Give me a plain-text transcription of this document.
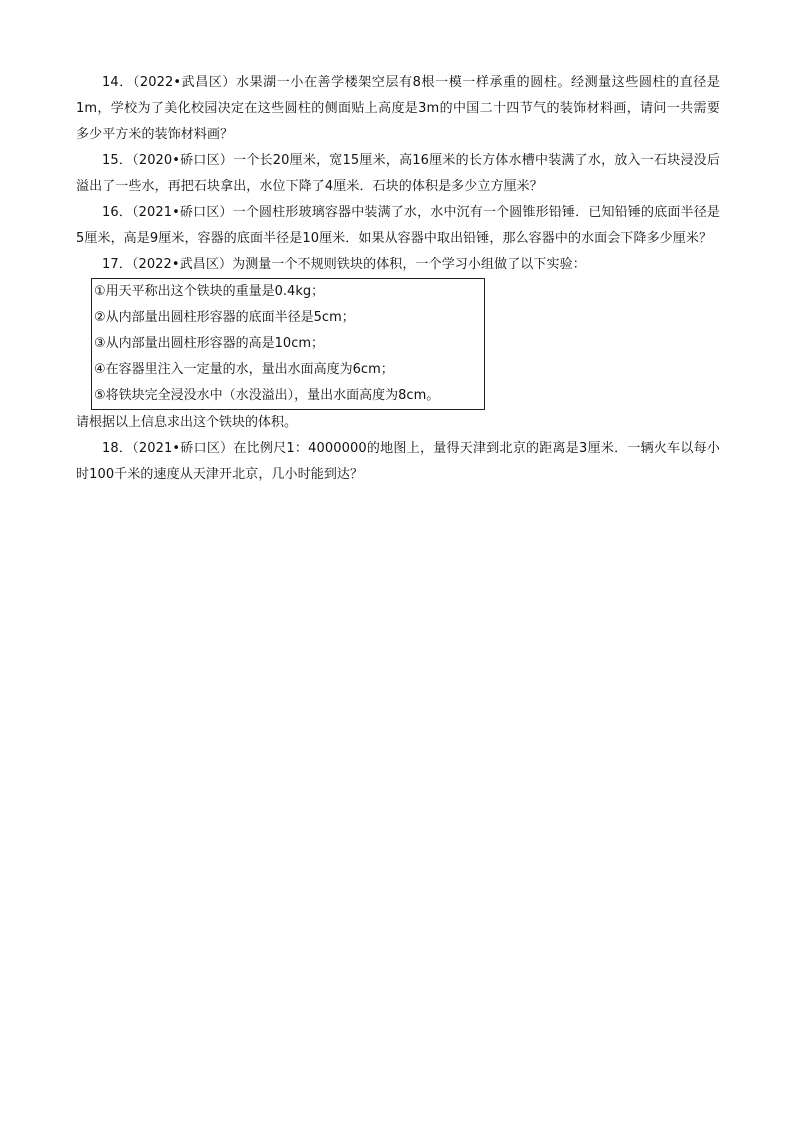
14．（2022•武昌区）水果湖一小在善学楼架空层有8根一模一样承重的圆柱。经测量这些圆柱的直径是1m，学校为了美化校园决定在这些圆柱的侧面贴上高度是3m的中国二十四节气的装饰材料画，请问一共需要多少平方米的装饰材料画？

15．（2020•硚口区）一个长20厘米，宽15厘米，高16厘米的长方体水槽中装满了水，放入一石块浸没后溢出了一些水，再把石块拿出，水位下降了4厘米．石块的体积是多少立方厘米？

16．（2021•硚口区）一个圆柱形玻璃容器中装满了水，水中沉有一个圆锥形铅锤．已知铅锤的底面半径是5厘米，高是9厘米，容器的底面半径是10厘米．如果从容器中取出铅锤，那么容器中的水面会下降多少厘米？

17．（2022•武昌区）为测量一个不规则铁块的体积，一个学习小组做了以下实验：

①用天平称出这个铁块的重量是0.4kg；

②从内部量出圆柱形容器的底面半径是5cm；

③从内部量出圆柱形容器的高是10cm；

④在容器里注入一定量的水，量出水面高度为6cm；

⑤将铁块完全浸没水中（水没溢出），量出水面高度为8cm。

请根据以上信息求出这个铁块的体积。

18．（2021•硚口区）在比例尺1：4000000的地图上，量得天津到北京的距离是3厘米．一辆火车以每小时100千米的速度从天津开北京，几小时能到达？
